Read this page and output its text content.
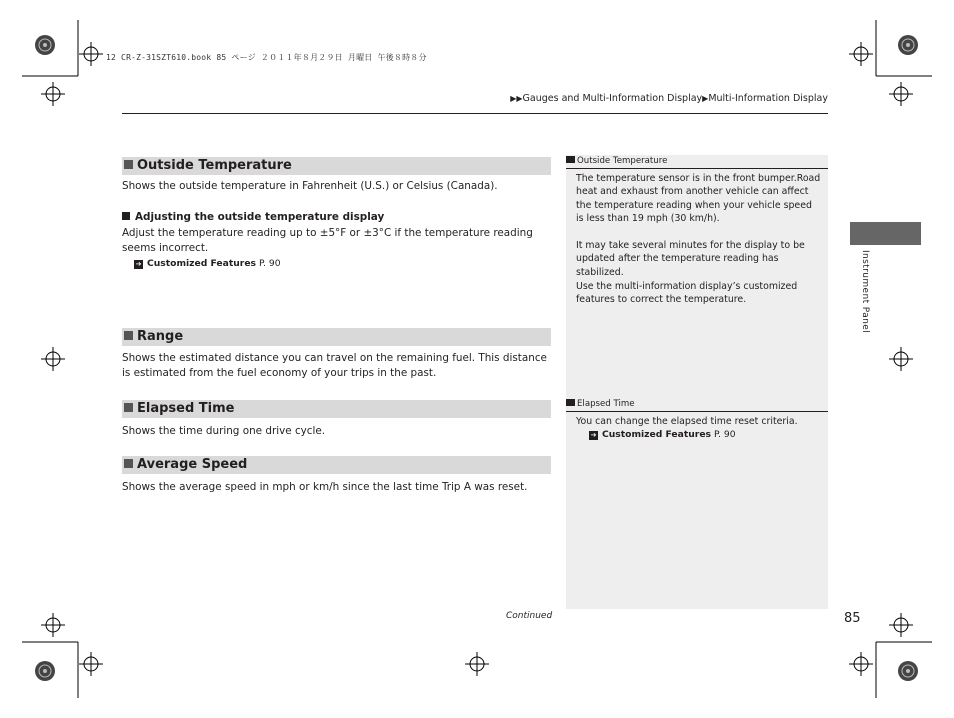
12 CR-Z-31SZT610.book 85 ページ ２０１１年８月２９日 月曜日 午後８時８分
▶▶Gauges and Multi-Information Display▶Multi-Information Display
Outside Temperature
Shows the outside temperature in Fahrenheit (U.S.) or Celsius (Canada).
Adjusting the outside temperature display
Adjust the temperature reading up to ±5°F or ±3°C if the temperature reading seems incorrect.
➔ Customized Features P. 90
Range
Shows the estimated distance you can travel on the remaining fuel. This distance is estimated from the fuel economy of your trips in the past.
Elapsed Time
Shows the time during one drive cycle.
Average Speed
Shows the average speed in mph or km/h since the last time Trip A was reset.
Outside Temperature
The temperature sensor is in the front bumper.Road heat and exhaust from another vehicle can affect the temperature reading when your vehicle speed is less than 19 mph (30 km/h).
It may take several minutes for the display to be updated after the temperature reading has stabilized.
Use the multi-information display’s customized features to correct the temperature.
Elapsed Time
You can change the elapsed time reset criteria.
➔ Customized Features P. 90
Instrument Panel
Continued	85
